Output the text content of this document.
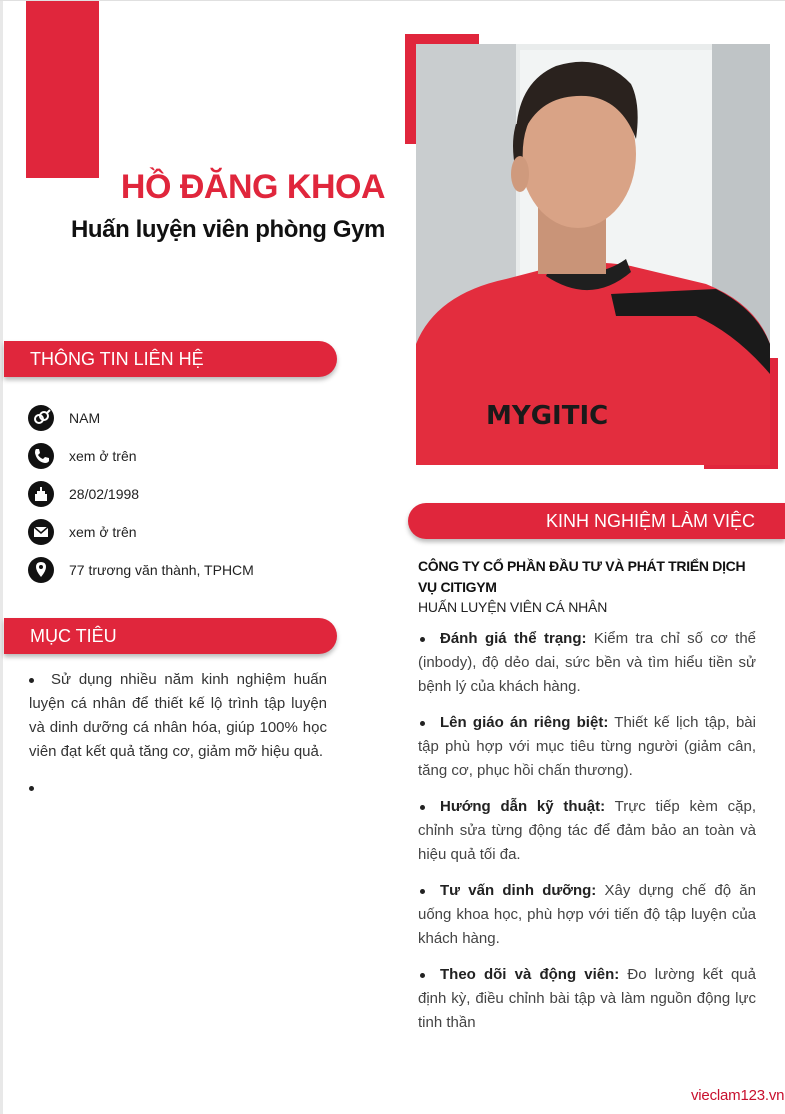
HỒ ĐĂNG KHOA
Huấn luyện viên phòng Gym
MYGITIC
THÔNG TIN LIÊN HỆ
NAM
xem ở trên
28/02/1998
xem ở trên
77 trương văn thành, TPHCM
MỤC TIÊU
Sử dụng nhiều năm kinh nghiệm huấn luyện cá nhân để thiết kế lộ trình tập luyện và dinh dưỡng cá nhân hóa, giúp 100% học viên đạt kết quả tăng cơ, giảm mỡ hiệu quả.
KINH NGHIỆM LÀM VIỆC

CÔNG TY CỔ PHẦN ĐẦU TƯ VÀ PHÁT TRIỂN DỊCH VỤ CITIGYM

HUẤN LUYỆN VIÊN CÁ NHÂN

Đánh giá thể trạng: Kiểm tra chỉ số cơ thể (inbody), độ dẻo dai, sức bền và tìm hiểu tiền sử bệnh lý của khách hàng.
Lên giáo án riêng biệt: Thiết kế lịch tập, bài tập phù hợp với mục tiêu từng người (giảm cân, tăng cơ, phục hồi chấn thương).
Hướng dẫn kỹ thuật: Trực tiếp kèm cặp, chỉnh sửa từng động tác để đảm bảo an toàn và hiệu quả tối đa.
Tư vấn dinh dưỡng: Xây dựng chế độ ăn uống khoa học, phù hợp với tiến độ tập luyện của khách hàng.
Theo dõi và động viên: Đo lường kết quả định kỳ, điều chỉnh bài tập và làm nguồn động lực tinh thần
vieclam123.vn
